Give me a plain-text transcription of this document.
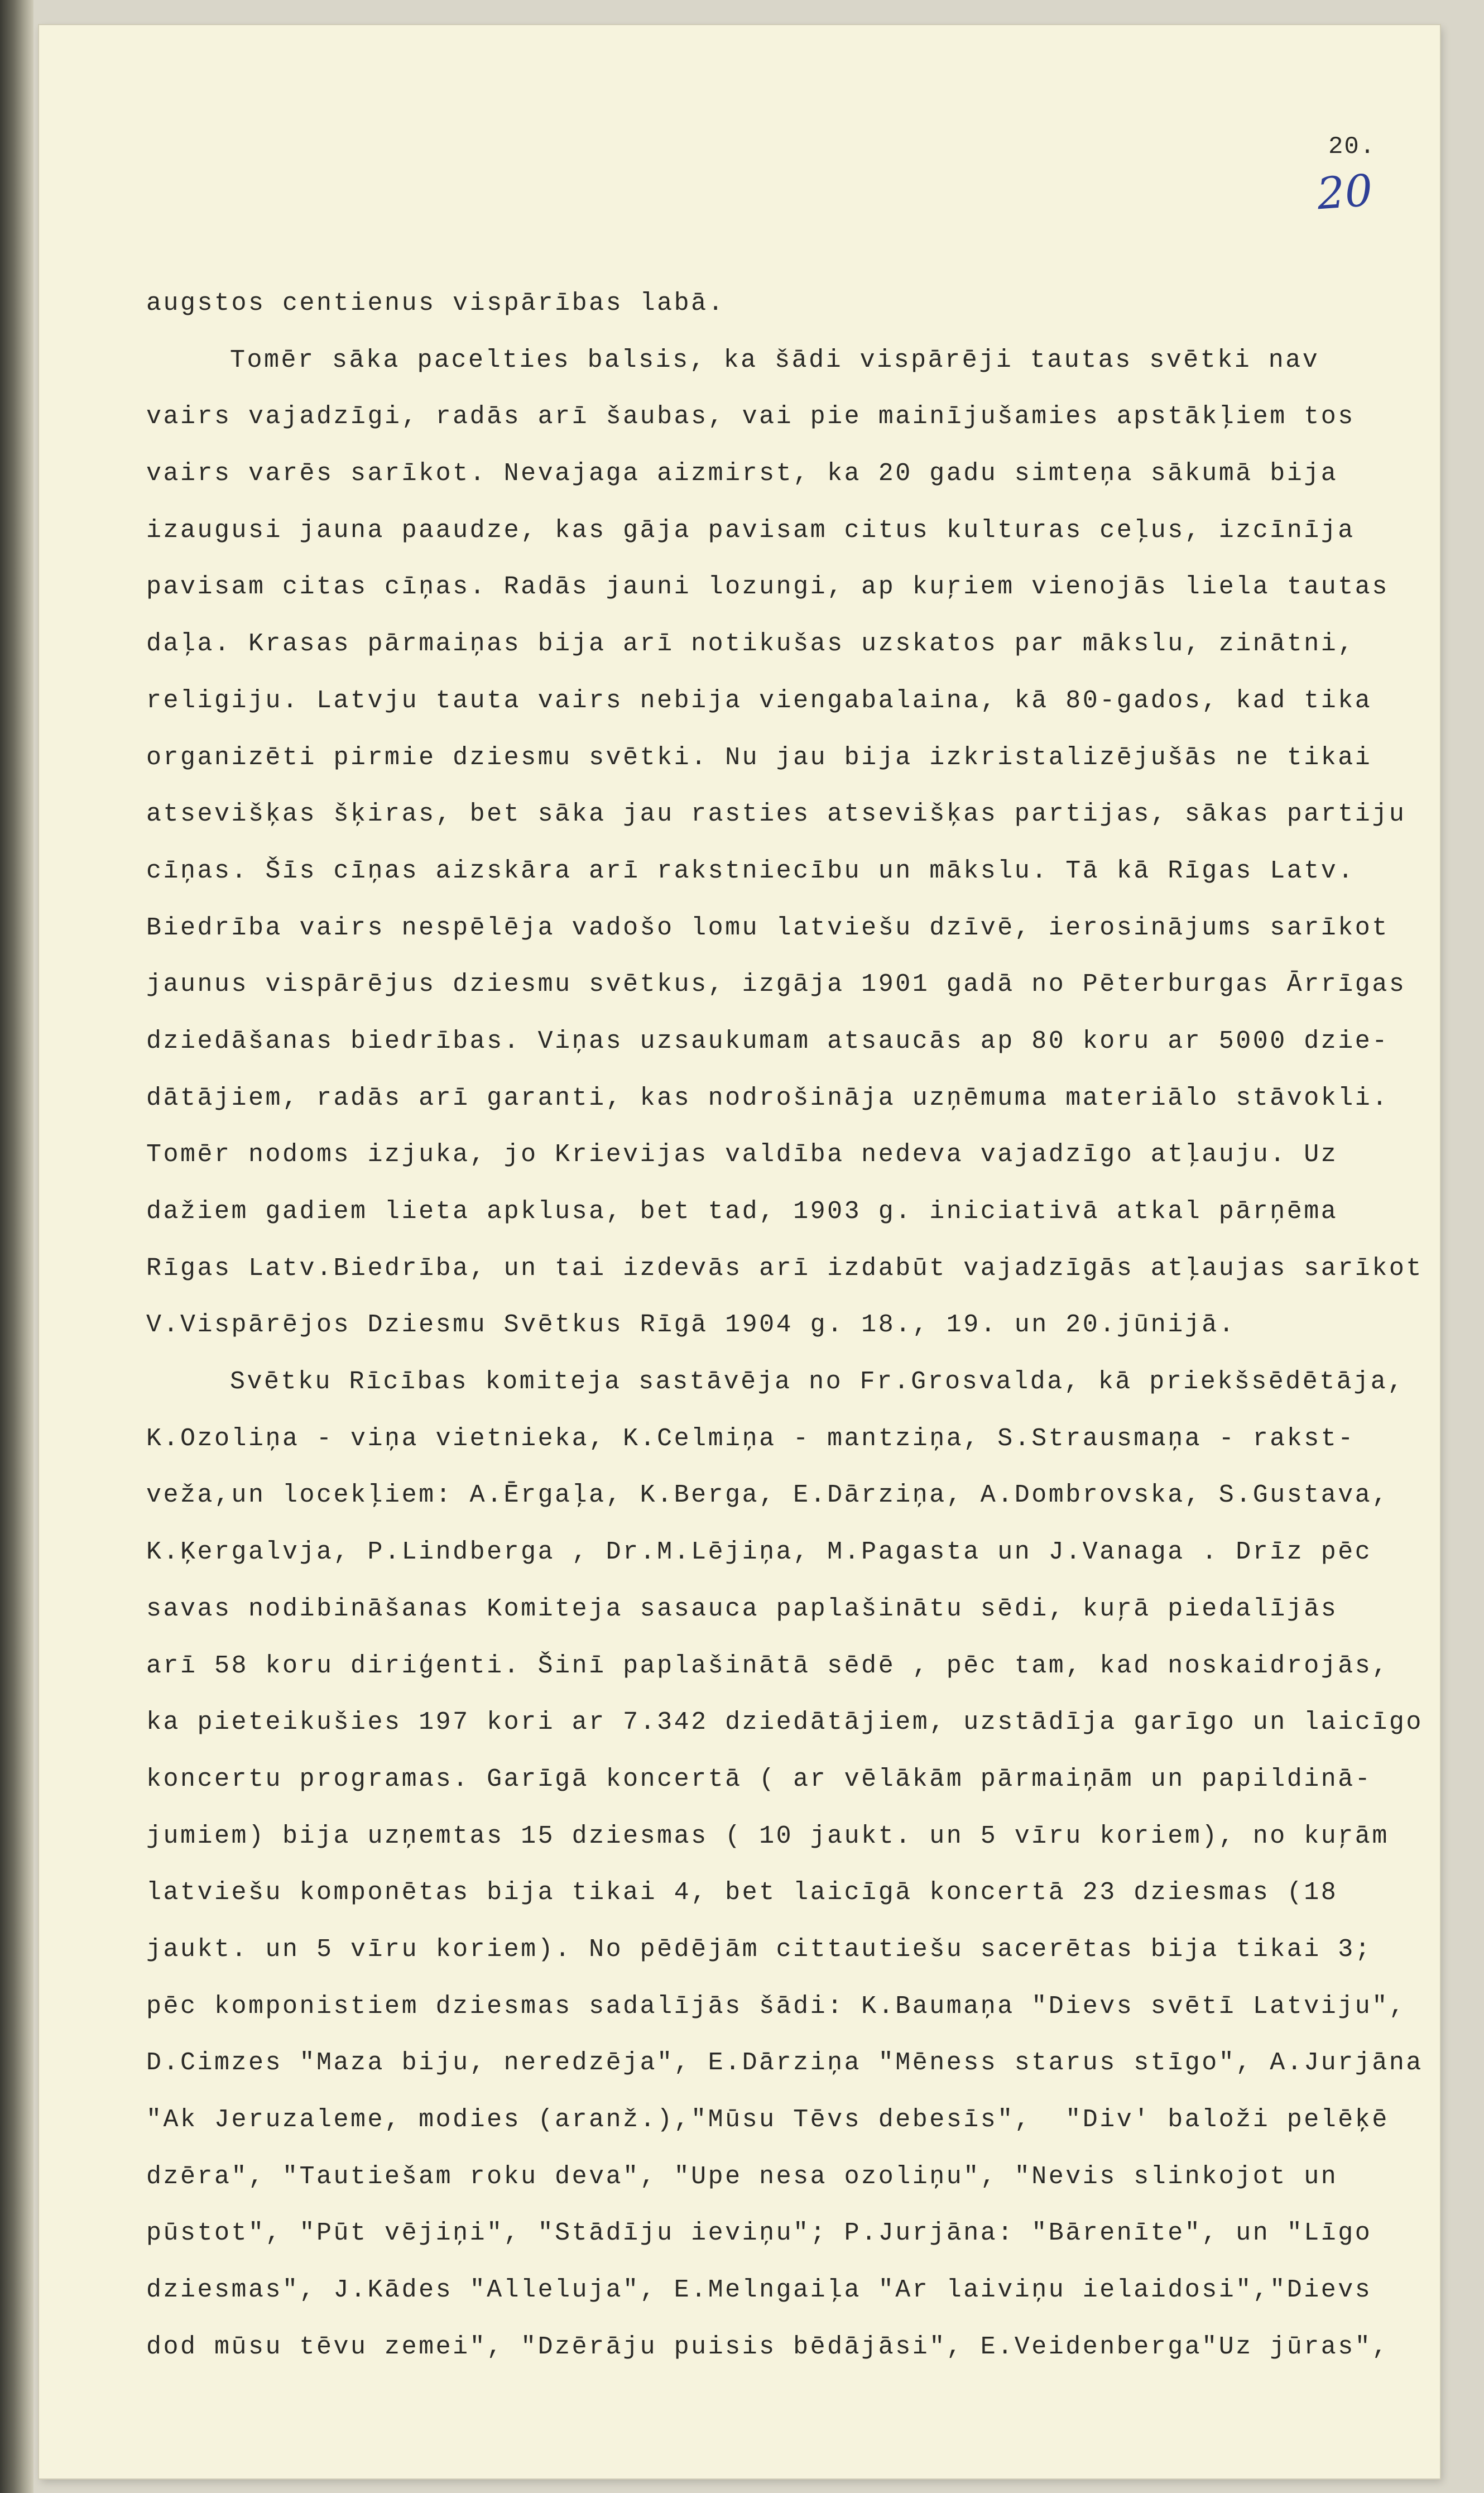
20.
20
augstos centienus vispārības labā.
Tomēr sāka pacelties balsis, ka šādi vispārēji tautas svētki nav
vairs vajadzīgi, radās arī šaubas, vai pie mainījušamies apstākļiem tos
vairs varēs sarīkot. Nevajaga aizmirst, ka 20 gadu simteņa sākumā bija
izaugusi jauna paaudze, kas gāja pavisam citus kulturas ceļus, izcīnīja
pavisam citas cīņas. Radās jauni lozungi, ap kuŗiem vienojās liela tautas
daļa. Krasas pārmaiņas bija arī notikušas uzskatos par mākslu, zinātni,
religiju. Latvju tauta vairs nebija viengabalaina, kā 80-gados, kad tika
organizēti pirmie dziesmu svētki. Nu jau bija izkristalizējušās ne tikai
atsevišķas šķiras, bet sāka jau rasties atsevišķas partijas, sākas partiju
cīņas. Šīs cīņas aizskāra arī rakstniecību un mākslu. Tā kā Rīgas Latv.
Biedrība vairs nespēlēja vadošo lomu latviešu dzīvē, ierosinājums sarīkot
jaunus vispārējus dziesmu svētkus, izgāja 1901 gadā no Pēterburgas Ārrīgas
dziedāšanas biedrības. Viņas uzsaukumam atsaucās ap 80 koru ar 5000 dzie-
dātājiem, radās arī garanti, kas nodrošināja uzņēmuma materiālo stāvokli.
Tomēr nodoms izjuka, jo Krievijas valdība nedeva vajadzīgo atļauju. Uz
dažiem gadiem lieta apklusa, bet tad, 1903 g. iniciativā atkal pārņēma
Rīgas Latv.Biedrība, un tai izdevās arī izdabūt vajadzīgās atļaujas sarīkot
V.Vispārējos Dziesmu Svētkus Rīgā 1904 g. 18., 19. un 20.jūnijā.
Svētku Rīcības komiteja sastāvēja no Fr.Grosvalda, kā priekšsēdētāja,
K.Ozoliņa - viņa vietnieka, K.Celmiņa - mantziņa, S.Strausmaņa - rakst-
veža,un locekļiem: A.Ērgaļa, K.Berga, E.Dārziņa, A.Dombrovska, S.Gustava,
K.Ķergalvja, P.Lindberga , Dr.M.Lējiņa, M.Pagasta un J.Vanaga . Drīz pēc
savas nodibināšanas Komiteja sasauca paplašinātu sēdi, kuŗā piedalījās
arī 58 koru diriģenti. Šinī paplašinātā sēdē , pēc tam, kad noskaidrojās,
ka pieteikušies 197 kori ar 7.342 dziedātājiem, uzstādīja garīgo un laicīgo
koncertu programas. Garīgā koncertā ( ar vēlākām pārmaiņām un papildinā-
jumiem) bija uzņemtas 15 dziesmas ( 10 jaukt. un 5 vīru koriem), no kuŗām
latviešu komponētas bija tikai 4, bet laicīgā koncertā 23 dziesmas (18
jaukt. un 5 vīru koriem). No pēdējām cittautiešu sacerētas bija tikai 3;
pēc komponistiem dziesmas sadalījās šādi: K.Baumaņa "Dievs svētī Latviju",
D.Cimzes "Maza biju, neredzēja", E.Dārziņa "Mēness starus stīgo", A.Jurjāna
"Ak Jeruzaleme, modies (aranž.),"Mūsu Tēvs debesīs",  "Div' baloži pelēķē
dzēra", "Tautiešam roku deva", "Upe nesa ozoliņu", "Nevis slinkojot un
pūstot", "Pūt vējiņi", "Stādīju ieviņu"; P.Jurjāna: "Bārenīte", un "Līgo
dziesmas", J.Kādes "Alleluja", E.Melngaiļa "Ar laiviņu ielaidosi","Dievs
dod mūsu tēvu zemei", "Dzērāju puisis bēdājāsi", E.Veidenberga"Uz jūras",
